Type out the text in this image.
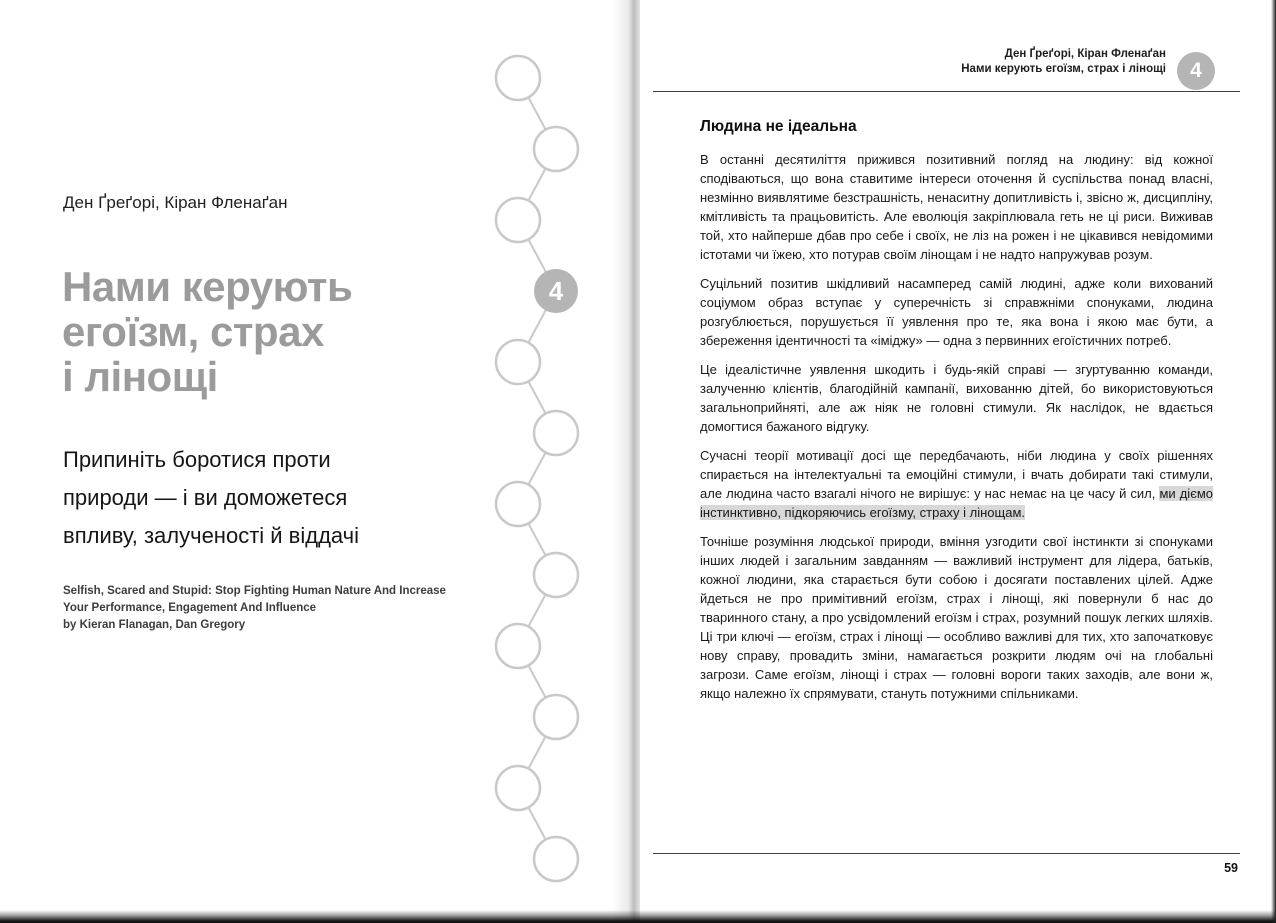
Ден Ґреґорі, Кіран Фленаґан
Нами керують
егоїзм, страх
і лінощі
Припиніть боротися проти
природи — і ви доможетеся
впливу, залученості й віддачі
Selfish, Scared and Stupid: Stop Fighting Human Nature And Increase
Your Performance, Engagement And Influence
by Kieran Flanagan, Dan Gregory
4
Ден Ґреґорі, Кіран Фленаґан
Нами керують егоїзм, страх і лінощі	4
Людина не ідеальна

В останні десятиліття прижився позитивний погляд на людину: від кожної сподіваються, що вона ставитиме інтереси оточення й суспільства понад власні, незмінно виявлятиме безстрашність, ненаситну допитливість і, звісно ж, дисципліну, кмітливість та працьовитість. Але еволюція закріплювала геть не ці риси. Виживав той, хто найперше дбав про себе і своїх, не ліз на рожен і не цікавився невідомими істотами чи їжею, хто потурав своїм лінощам і не надто напружував розум.

Суцільний позитив шкідливий насамперед самій людині, адже коли вихований соціумом образ вступає у суперечність зі справжніми спонуками, людина розгублюється, порушується її уявлення про те, яка вона і якою має бути, а збереження ідентичності та «іміджу» — одна з первинних егоїстичних потреб.

Це ідеалістичне уявлення шкодить і будь-якій справі — згуртуванню команди, залученню клієнтів, благодійній кампанії, вихованню дітей, бо використовуються загальноприйняті, але аж ніяк не головні стимули. Як наслідок, не вдається домогтися бажаного відгуку.

Сучасні теорії мотивації досі ще передбачають, ніби людина у своїх рішеннях спирається на інтелектуальні та емоційні стимули, і вчать добирати такі стимули, але людина часто взагалі нічого не вирішує: у нас немає на це часу й сил, ми діємо інстинктивно, підкоряючись егоїзму, страху і лінощам.

Точніше розуміння людської природи, вміння узгодити свої інстинкти зі спонуками інших людей і загальним завданням — важливий інструмент для лідера, батьків, кожної людини, яка старається бути собою і досягати поставлених цілей. Адже йдеться не про примітивний егоїзм, страх і лінощі, які повернули б нас до тваринного стану, а про усвідомлений егоїзм і страх, розумний пошук легких шляхів. Ці три ключі — егоїзм, страх і лінощі — особливо важливі для тих, хто започатковує нову справу, провадить зміни, намагається розкрити людям очі на глобальні загрози. Саме егоїзм, лінощі і страх — головні вороги таких заходів, але вони ж, якщо належно їх спрямувати, стануть потужними спільниками.

59
